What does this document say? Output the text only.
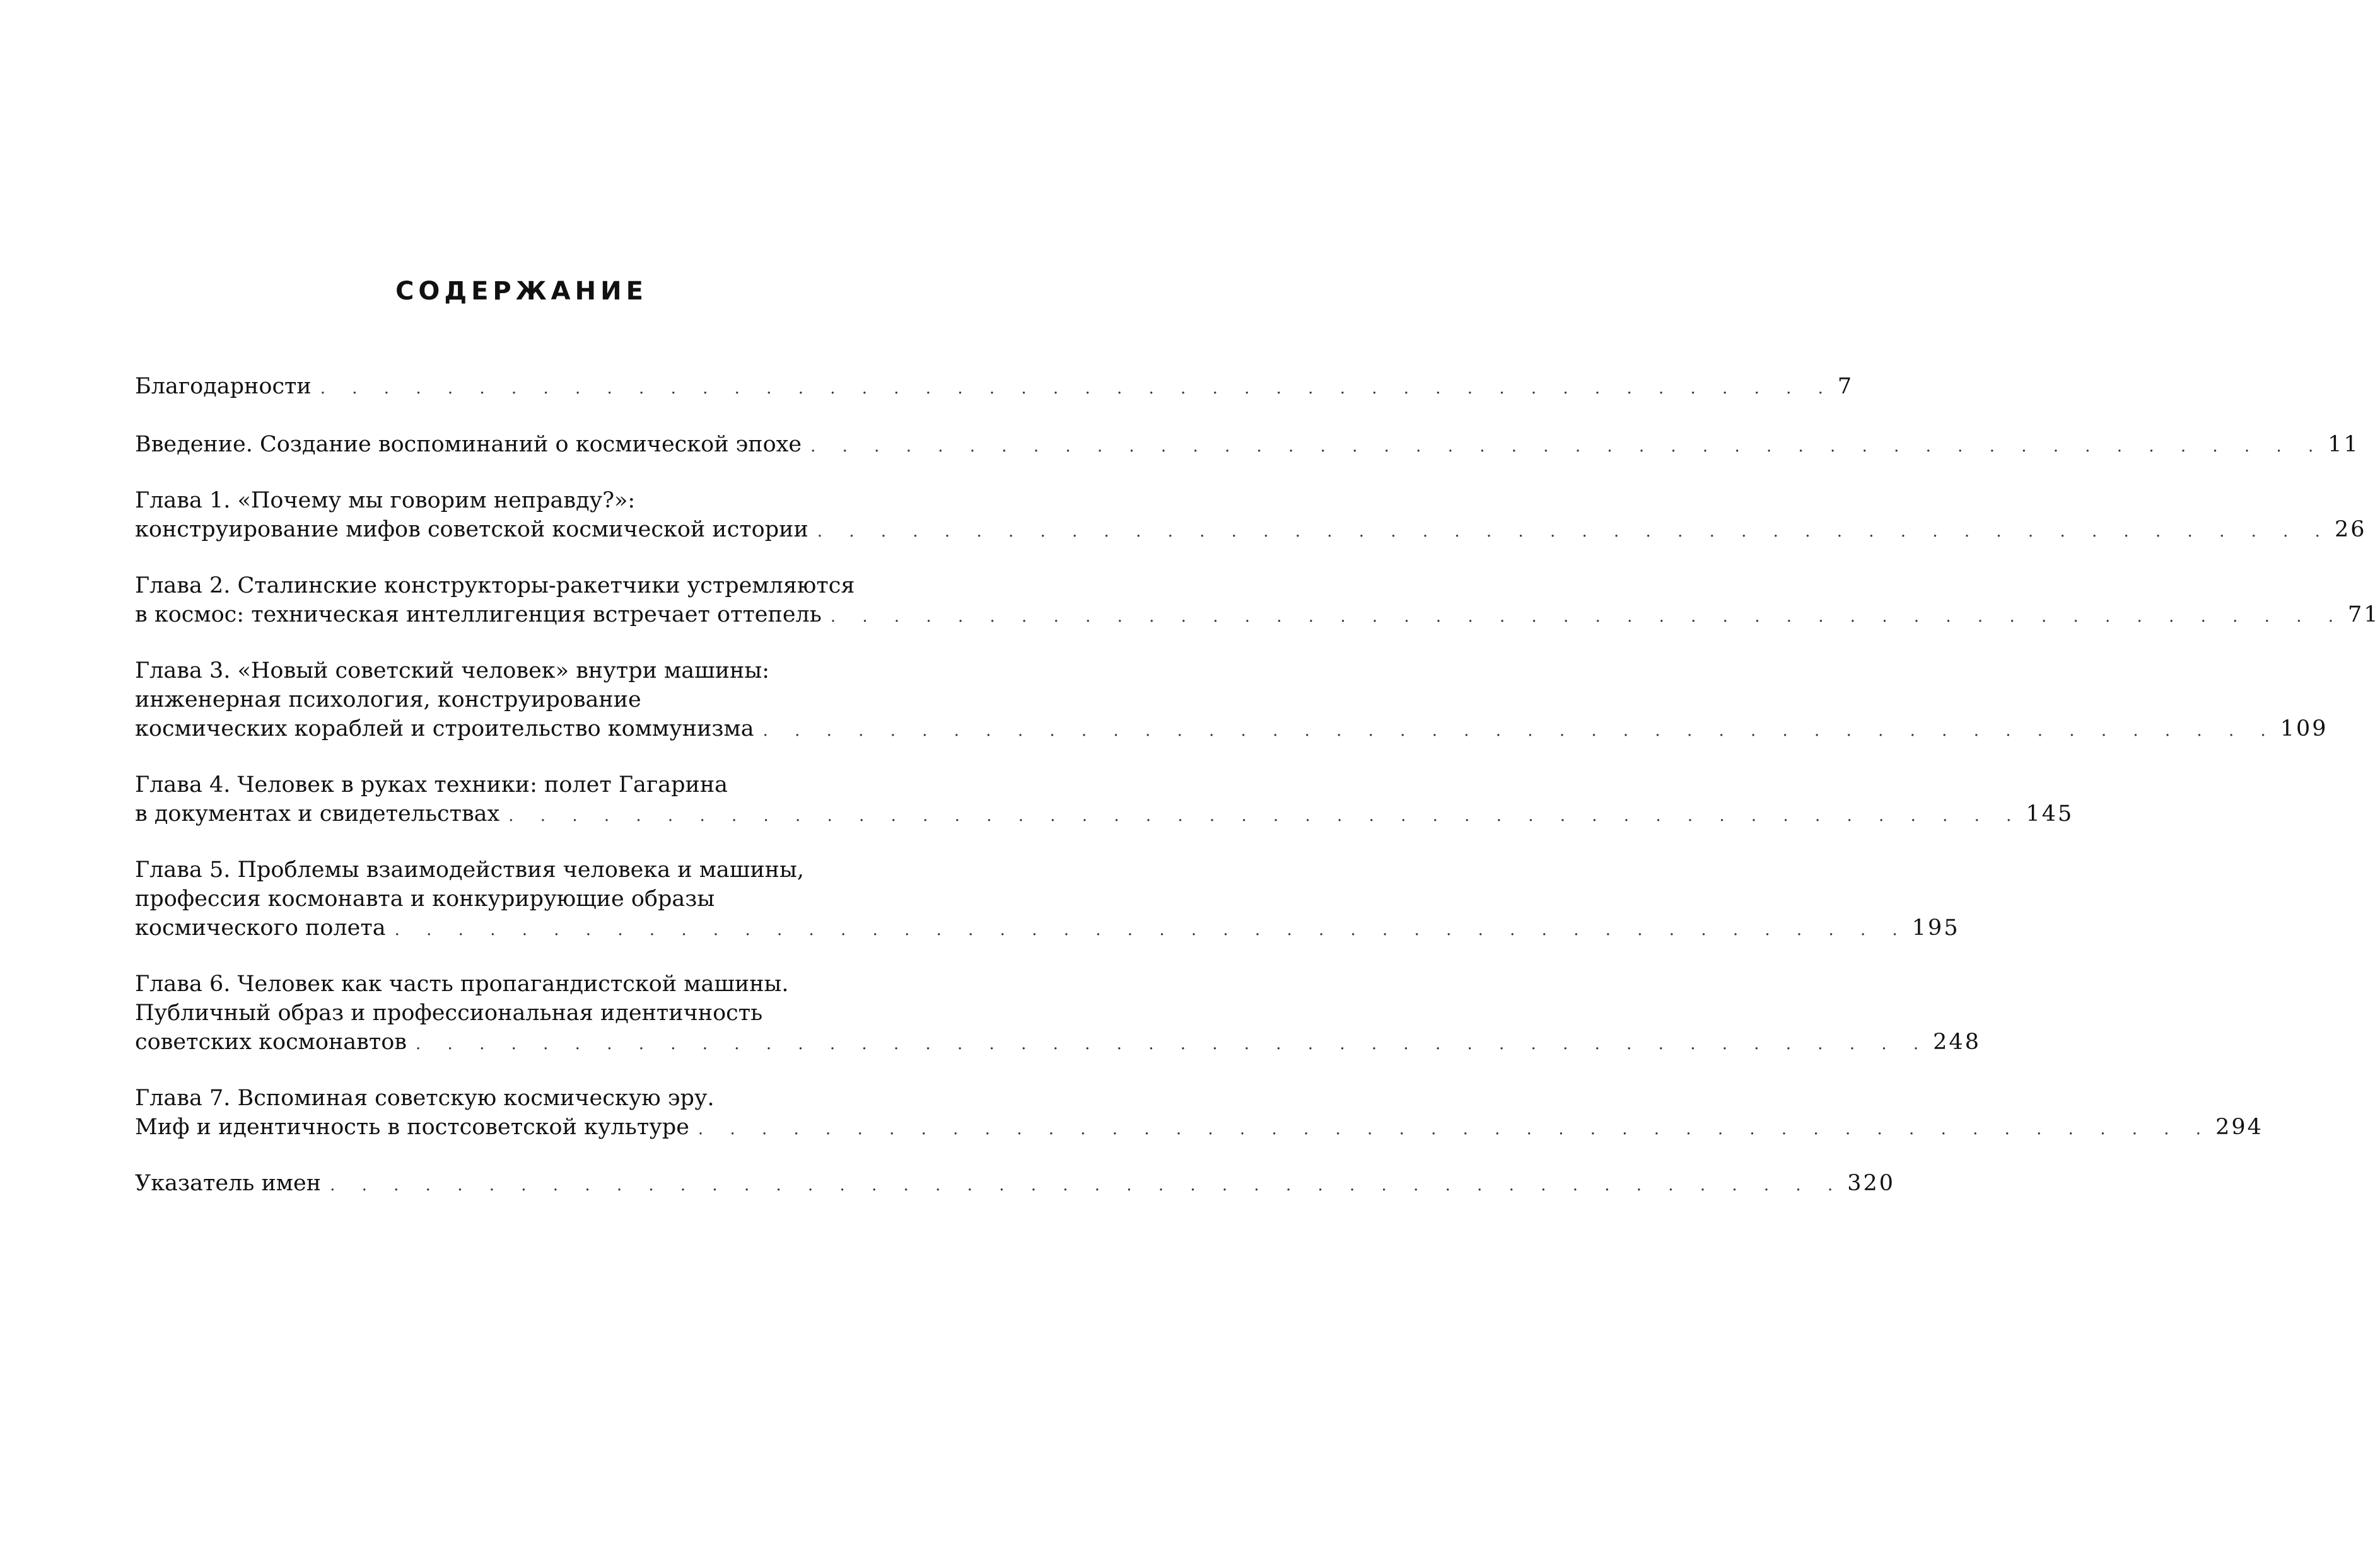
СОДЕРЖАНИЕ
Благодарности . . . . . . . . . . . . . . . . . . . . . . . . . . . . . . . . . . . . . . . . . . . . . . . . 7
Введение. Создание воспоминаний о космической эпохе . . . . . . . . . . . . . . . . . . . . . . . . . . . . . . . . . . . . . . . . . . . . . . . . 11
Глава 1. «Почему мы говорим неправду?»:
конструирование мифов советской космической истории . . . . . . . . . . . . . . . . . . . . . . . . . . . . . . . . . . . . . . . . . . . . . . . . 26
Глава 2. Сталинские конструкторы-ракетчики устремляются
в космос: техническая интеллигенция встречает оттепель . . . . . . . . . . . . . . . . . . . . . . . . . . . . . . . . . . . . . . . . . . . . . . . . 71
Глава 3. «Новый советский человек» внутри машины:
инженерная психология, конструирование
космических кораблей и строительство коммунизма . . . . . . . . . . . . . . . . . . . . . . . . . . . . . . . . . . . . . . . . . . . . . . . . 109
Глава 4. Человек в руках техники: полет Гагарина
в документах и свидетельствах . . . . . . . . . . . . . . . . . . . . . . . . . . . . . . . . . . . . . . . . . . . . . . . . 145
Глава 5. Проблемы взаимодействия человека и машины,
профессия космонавта и конкурирующие образы
космического полета . . . . . . . . . . . . . . . . . . . . . . . . . . . . . . . . . . . . . . . . . . . . . . . . 195
Глава 6. Человек как часть пропагандистской машины.
Публичный образ и профессиональная идентичность
советских космонавтов . . . . . . . . . . . . . . . . . . . . . . . . . . . . . . . . . . . . . . . . . . . . . . . . 248
Глава 7. Вспоминая советскую космическую эру.
Миф и идентичность в постсоветской культуре . . . . . . . . . . . . . . . . . . . . . . . . . . . . . . . . . . . . . . . . . . . . . . . . 294
Указатель имен . . . . . . . . . . . . . . . . . . . . . . . . . . . . . . . . . . . . . . . . . . . . . . . . 320
